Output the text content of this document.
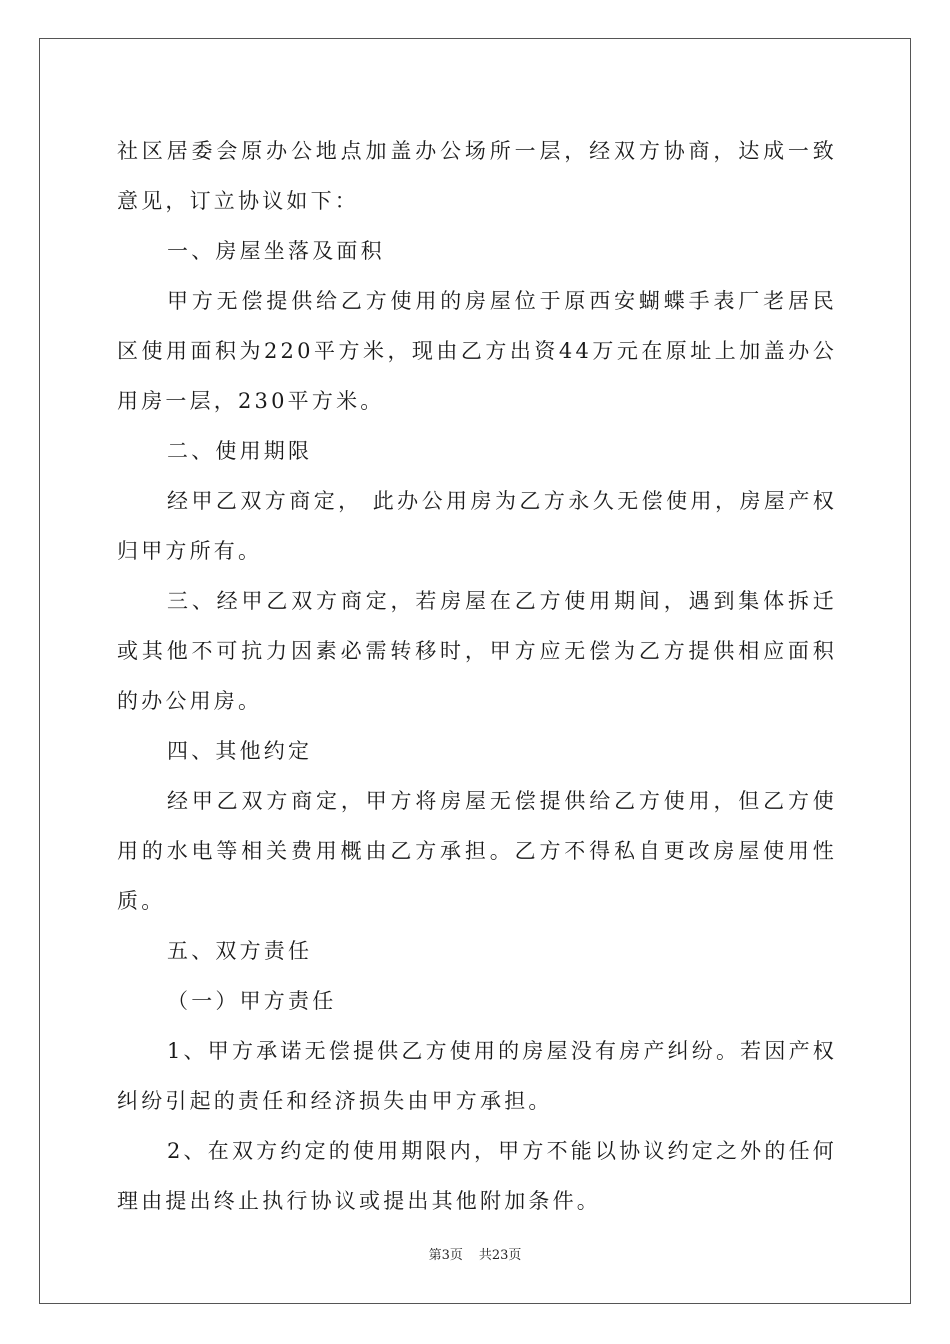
社区居委会原办公地点加盖办公场所一层，经双方协商，达成一致意见，订立协议如下：

一、房屋坐落及面积

甲方无偿提供给乙方使用的房屋位于原西安蝴蝶手表厂老居民区使用面积为220平方米，现由乙方出资44万元在原址上加盖办公用房一层，230平方米。

二、使用期限

经甲乙双方商定， 此办公用房为乙方永久无偿使用，房屋产权归甲方所有。

三、经甲乙双方商定，若房屋在乙方使用期间，遇到集体拆迁或其他不可抗力因素必需转移时，甲方应无偿为乙方提供相应面积的办公用房。

四、其他约定

经甲乙双方商定，甲方将房屋无偿提供给乙方使用，但乙方使用的水电等相关费用概由乙方承担。乙方不得私自更改房屋使用性质。

五、双方责任

（一）甲方责任

1、甲方承诺无偿提供乙方使用的房屋没有房产纠纷。若因产权纠纷引起的责任和经济损失由甲方承担。

2、在双方约定的使用期限内，甲方不能以协议约定之外的任何理由提出终止执行协议或提出其他附加条件。

第3页 共23页
